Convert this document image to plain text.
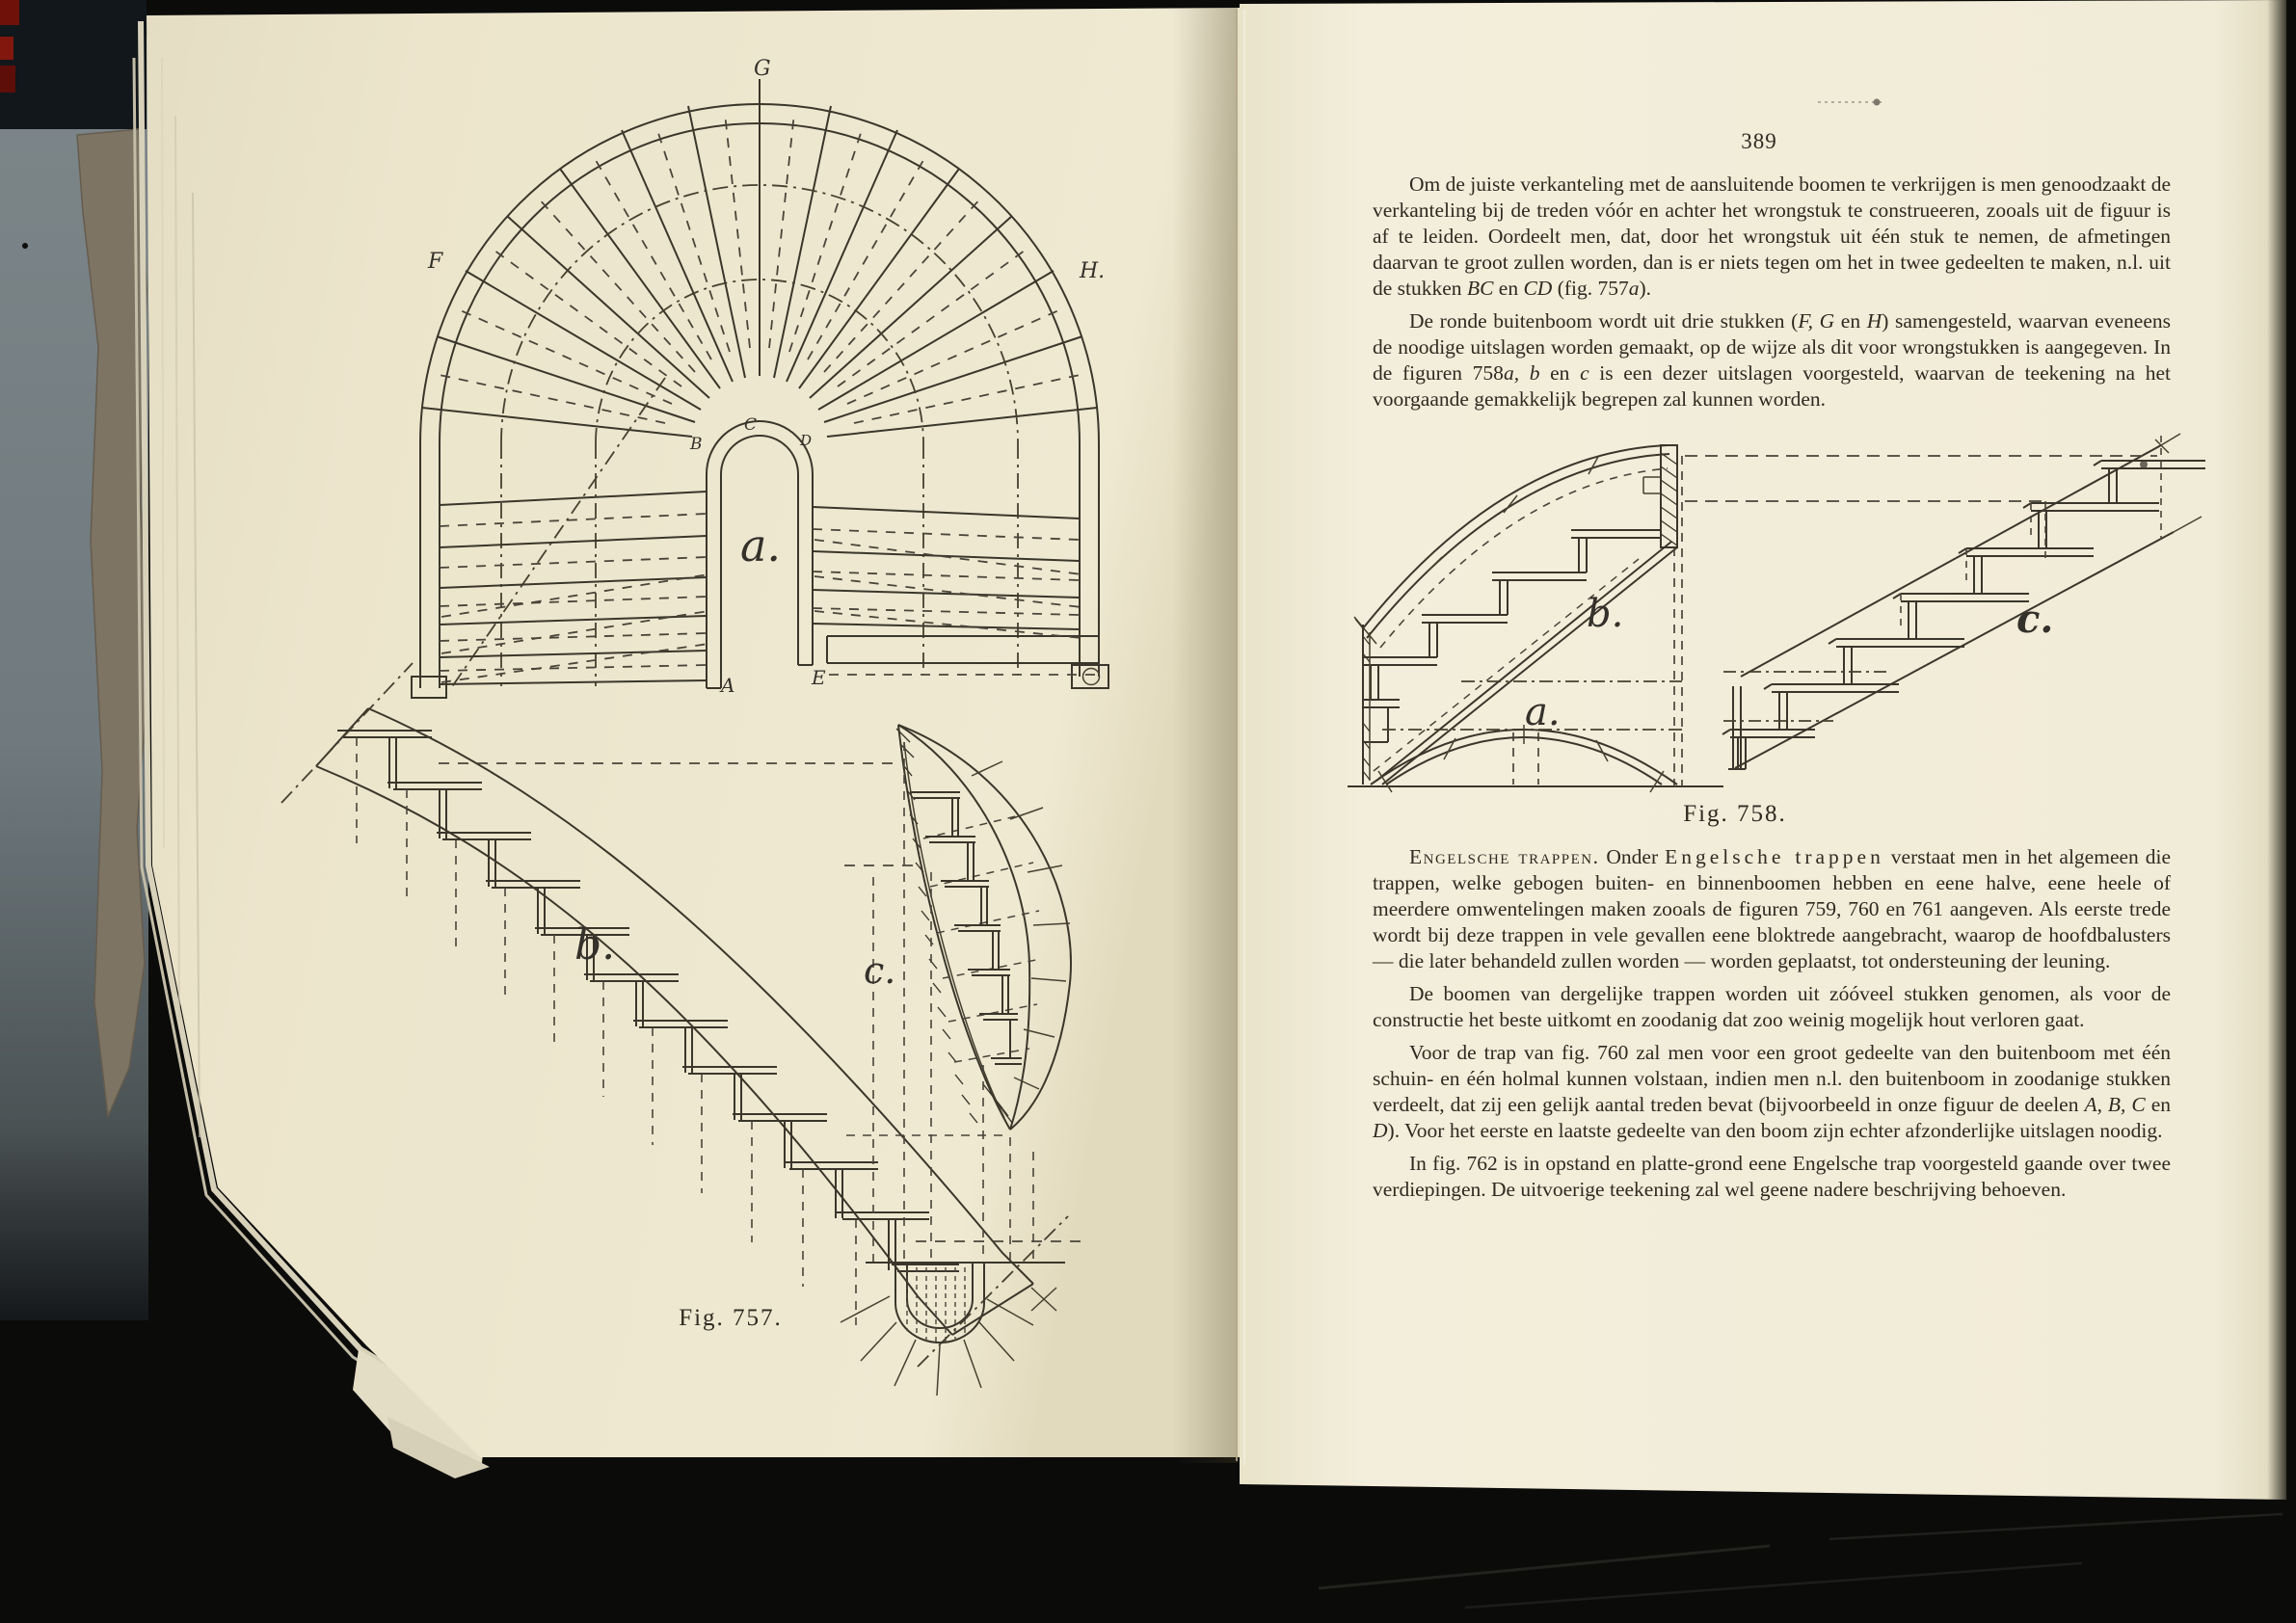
G
F	H.
a.
B
C
D
A	E
b.
c.
Fig. 757.
a.
b.	c.
Fig. 758.
389

Om de juiste verkanteling met de aansluitende boomen te verkrijgen is men genoodzaakt de verkanteling bij de treden vóór en achter het wrongstuk te construeeren, zooals uit de figuur is af te leiden. Oordeelt men, dat, door het wrongstuk uit één stuk te nemen, de afmetingen daarvan te groot zullen worden, dan is er niets tegen om het in twee gedeelten te maken, n.l. uit de stukken BC en CD (fig. 757a).

De ronde buitenboom wordt uit drie stukken (F, G en H) samengesteld, waarvan eveneens de noodige uitslagen worden gemaakt, op de wijze als dit voor wrongstukken is aangegeven. In de figuren 758a, b en c is een dezer uitslagen voorgesteld, waarvan de teekening na het voorgaande gemakkelijk begrepen zal kunnen worden.

Engelsche trappen. Onder Engelsche trappen verstaat men in het algemeen die trappen, welke gebogen buiten- en binnenboomen hebben en eene halve, eene heele of meerdere omwentelingen maken zooals de figuren 759, 760 en 761 aangeven. Als eerste trede wordt bij deze trappen in vele gevallen eene bloktrede aangebracht, waarop de hoofdbalusters — die later behandeld zullen worden — worden geplaatst, tot ondersteuning der leuning.

De boomen van dergelijke trappen worden uit zóóveel stukken genomen, als voor de constructie het beste uitkomt en zoodanig dat zoo weinig mogelijk hout verloren gaat.

Voor de trap van fig. 760 zal men voor een groot gedeelte van den buitenboom met één schuin- en één holmal kunnen volstaan, indien men n.l. den buitenboom in zoodanige stukken verdeelt, dat zij een gelijk aantal treden bevat (bijvoorbeeld in onze figuur de deelen A, B, C en D). Voor het eerste en laatste gedeelte van den boom zijn echter afzonderlijke uitslagen noodig.

In fig. 762 is in opstand en platte-grond eene Engelsche trap voorgesteld gaande over twee verdiepingen. De uitvoerige teekening zal wel geene nadere beschrijving behoeven.
